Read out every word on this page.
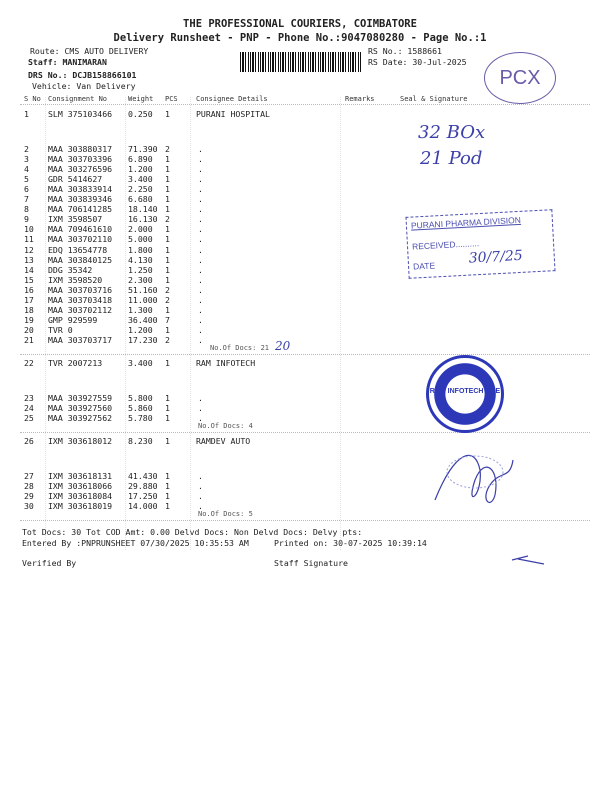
THE PROFESSIONAL COURIERS, COIMBATORE
Delivery Runsheet - PNP - Phone No.:9047080280 - Page No.:1
Route: CMS AUTO DELIVERY
Staff: MANIMARAN
DRS No.: DCJB158866101
Vehicle: Van Delivery
RS No.: 1588661
RS Date: 30-Jul-2025
PCX
S No Consignment No	Weight PCS	Consignee Details	Remarks	Seal & Signature
1 SLM 375103466 0.250 1	PURANI HOSPITAL
2 MAA 303880317 71.390 2	.
3 MAA 303703396 6.890 1	.
4 MAA 303276596 1.200 1	.
5 GDR 5414627	3.400 1	.
6 MAA 303833914 2.250 1	.
7 MAA 303839346 6.680 1	.
8 MAA 706141285 18.140 1	.
9 IXM 3598507	16.130 2	.
10 MAA 709461610 2.000 1	.
11 MAA 303702110 5.000 1	.
12 EDQ 13654778	1.800 1	.
13 MAA 303840125 4.130 1	.
14 DDG 35342	1.250 1	.
15 IXM 3598520	2.300 1	.
16 MAA 303703716 51.160 2	.
17 MAA 303703418 11.000 2	.
18 MAA 303702112 1.300 1	.
19 GMP 929599	36.400 7	.
20 TVR 0	1.200 1	.
21 MAA 303703717 17.230 2	.
No.Of Docs: 21 20
22 TVR 2007213	3.400 1	RAM INFOTECH
23 MAA 303927559 5.800 1	.
24 MAA 303927560 5.860 1	.
25 MAA 303927562 5.780 1	.
No.Of Docs: 4
26 IXM 303618012 8.230 1	RAMDEV AUTO
27 IXM 303618131 41.430 1	.
28 IXM 303618066 29.880 1	.
29 IXM 303618084 17.250 1	.
30 IXM 303618019 14.000 1	.
No.Of Docs: 5
32 BOx
21 Pod
PURANI PHARMA DIVISION
RECEIVED..........
DATE 30/7/25
RAM INFOTECH CBE
Tot Docs: 30 Tot COD Amt: 0.00 Delvd Docs: Non Delvd Docs: Delvy pts:
Entered By :PNPRUNSHEET 07/30/2025 10:35:53 AM	Printed on: 30-07-2025 10:39:14
Verified By	Staff Signature
